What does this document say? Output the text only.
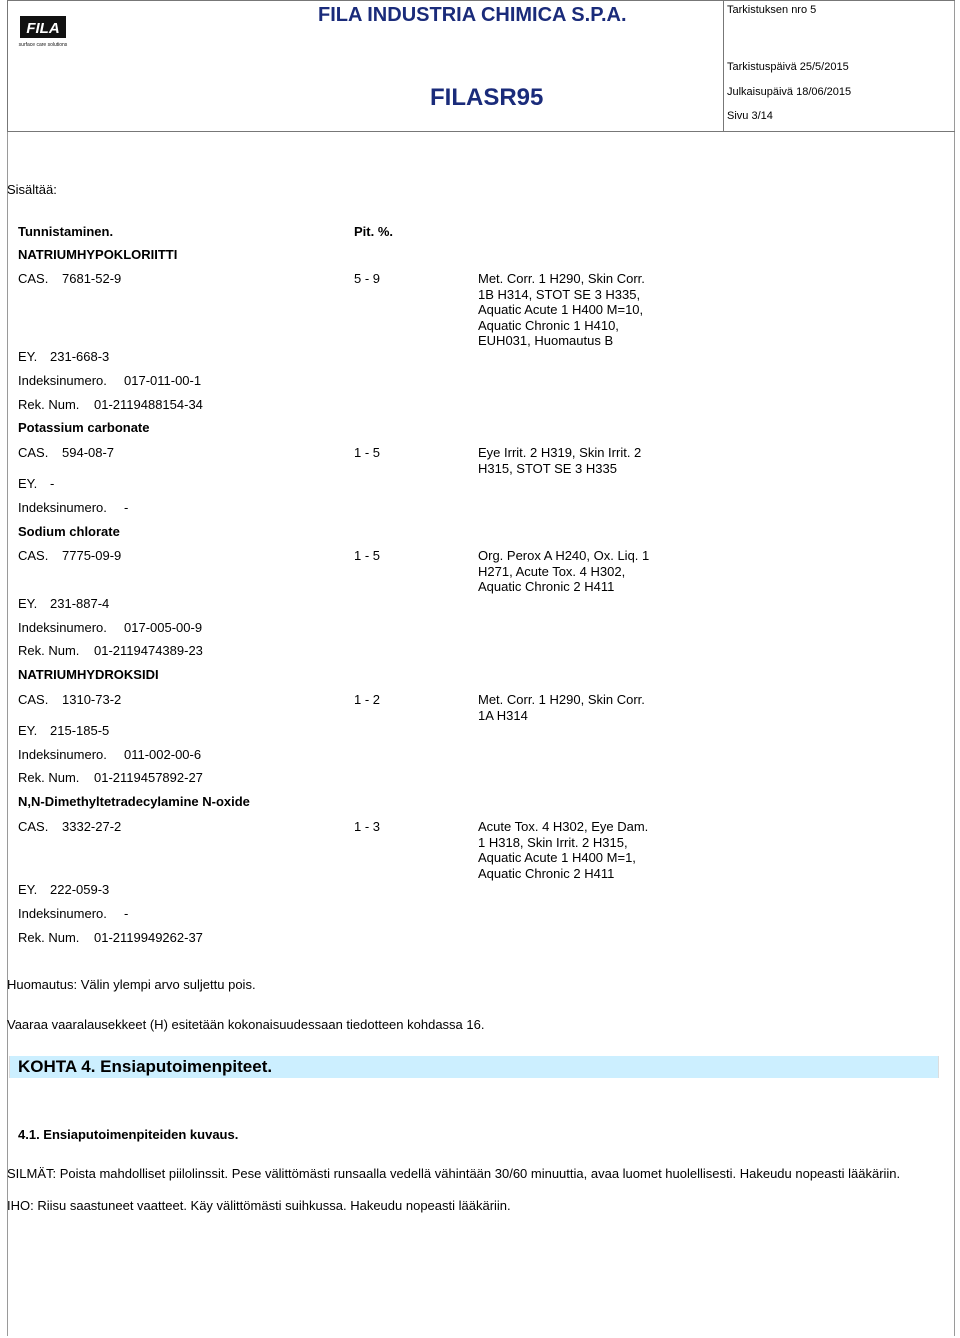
FILA
surface care solutions
FILA INDUSTRIA CHIMICA S.P.A.
FILASR95
Tarkistuksen nro 5
Tarkistuspäivä 25/5/2015
Julkaisupäivä 18/06/2015
Sivu 3/14
Sisältää:
Tunnistaminen.	Pit. %.
NATRIUMHYPOKLORIITTI
CAS. 7681-52-9	5 - 9	Met. Corr. 1 H290, Skin Corr.
1B H314, STOT SE 3 H335,
Aquatic Acute 1 H400 M=10,
Aquatic Chronic 1 H410,
EUH031, Huomautus B
EY. 231-668-3
Indeksinumero. 017-011-00-1
Rek. Num. 01-2119488154-34
Potassium carbonate
CAS. 594-08-7	1 - 5	Eye Irrit. 2 H319, Skin Irrit. 2
H315, STOT SE 3 H335
EY. -
Indeksinumero. -
Sodium chlorate
CAS. 7775-09-9	1 - 5	Org. Perox A H240, Ox. Liq. 1
H271, Acute Tox. 4 H302,
Aquatic Chronic 2 H411
EY. 231-887-4
Indeksinumero. 017-005-00-9
Rek. Num. 01-2119474389-23
NATRIUMHYDROKSIDI
CAS. 1310-73-2	1 - 2	Met. Corr. 1 H290, Skin Corr.
1A H314
EY. 215-185-5
Indeksinumero. 011-002-00-6
Rek. Num. 01-2119457892-27
N,N-Dimethyltetradecylamine N-oxide
CAS. 3332-27-2	1 - 3	Acute Tox. 4 H302, Eye Dam.
1 H318, Skin Irrit. 2 H315,
Aquatic Acute 1 H400 M=1,
Aquatic Chronic 2 H411
EY. 222-059-3
Indeksinumero. -
Rek. Num. 01-2119949262-37
Huomautus: Välin ylempi arvo suljettu pois.
Vaaraa vaaralausekkeet (H) esitetään kokonaisuudessaan tiedotteen kohdassa 16.
KOHTA 4. Ensiaputoimenpiteet.
4.1. Ensiaputoimenpiteiden kuvaus.
SILMÄT: Poista mahdolliset piilolinssit. Pese välittömästi runsaalla vedellä vähintään 30/60 minuuttia, avaa luomet huolellisesti. Hakeudu nopeasti lääkäriin.
IHO: Riisu saastuneet vaatteet. Käy välittömästi suihkussa. Hakeudu nopeasti lääkäriin.
